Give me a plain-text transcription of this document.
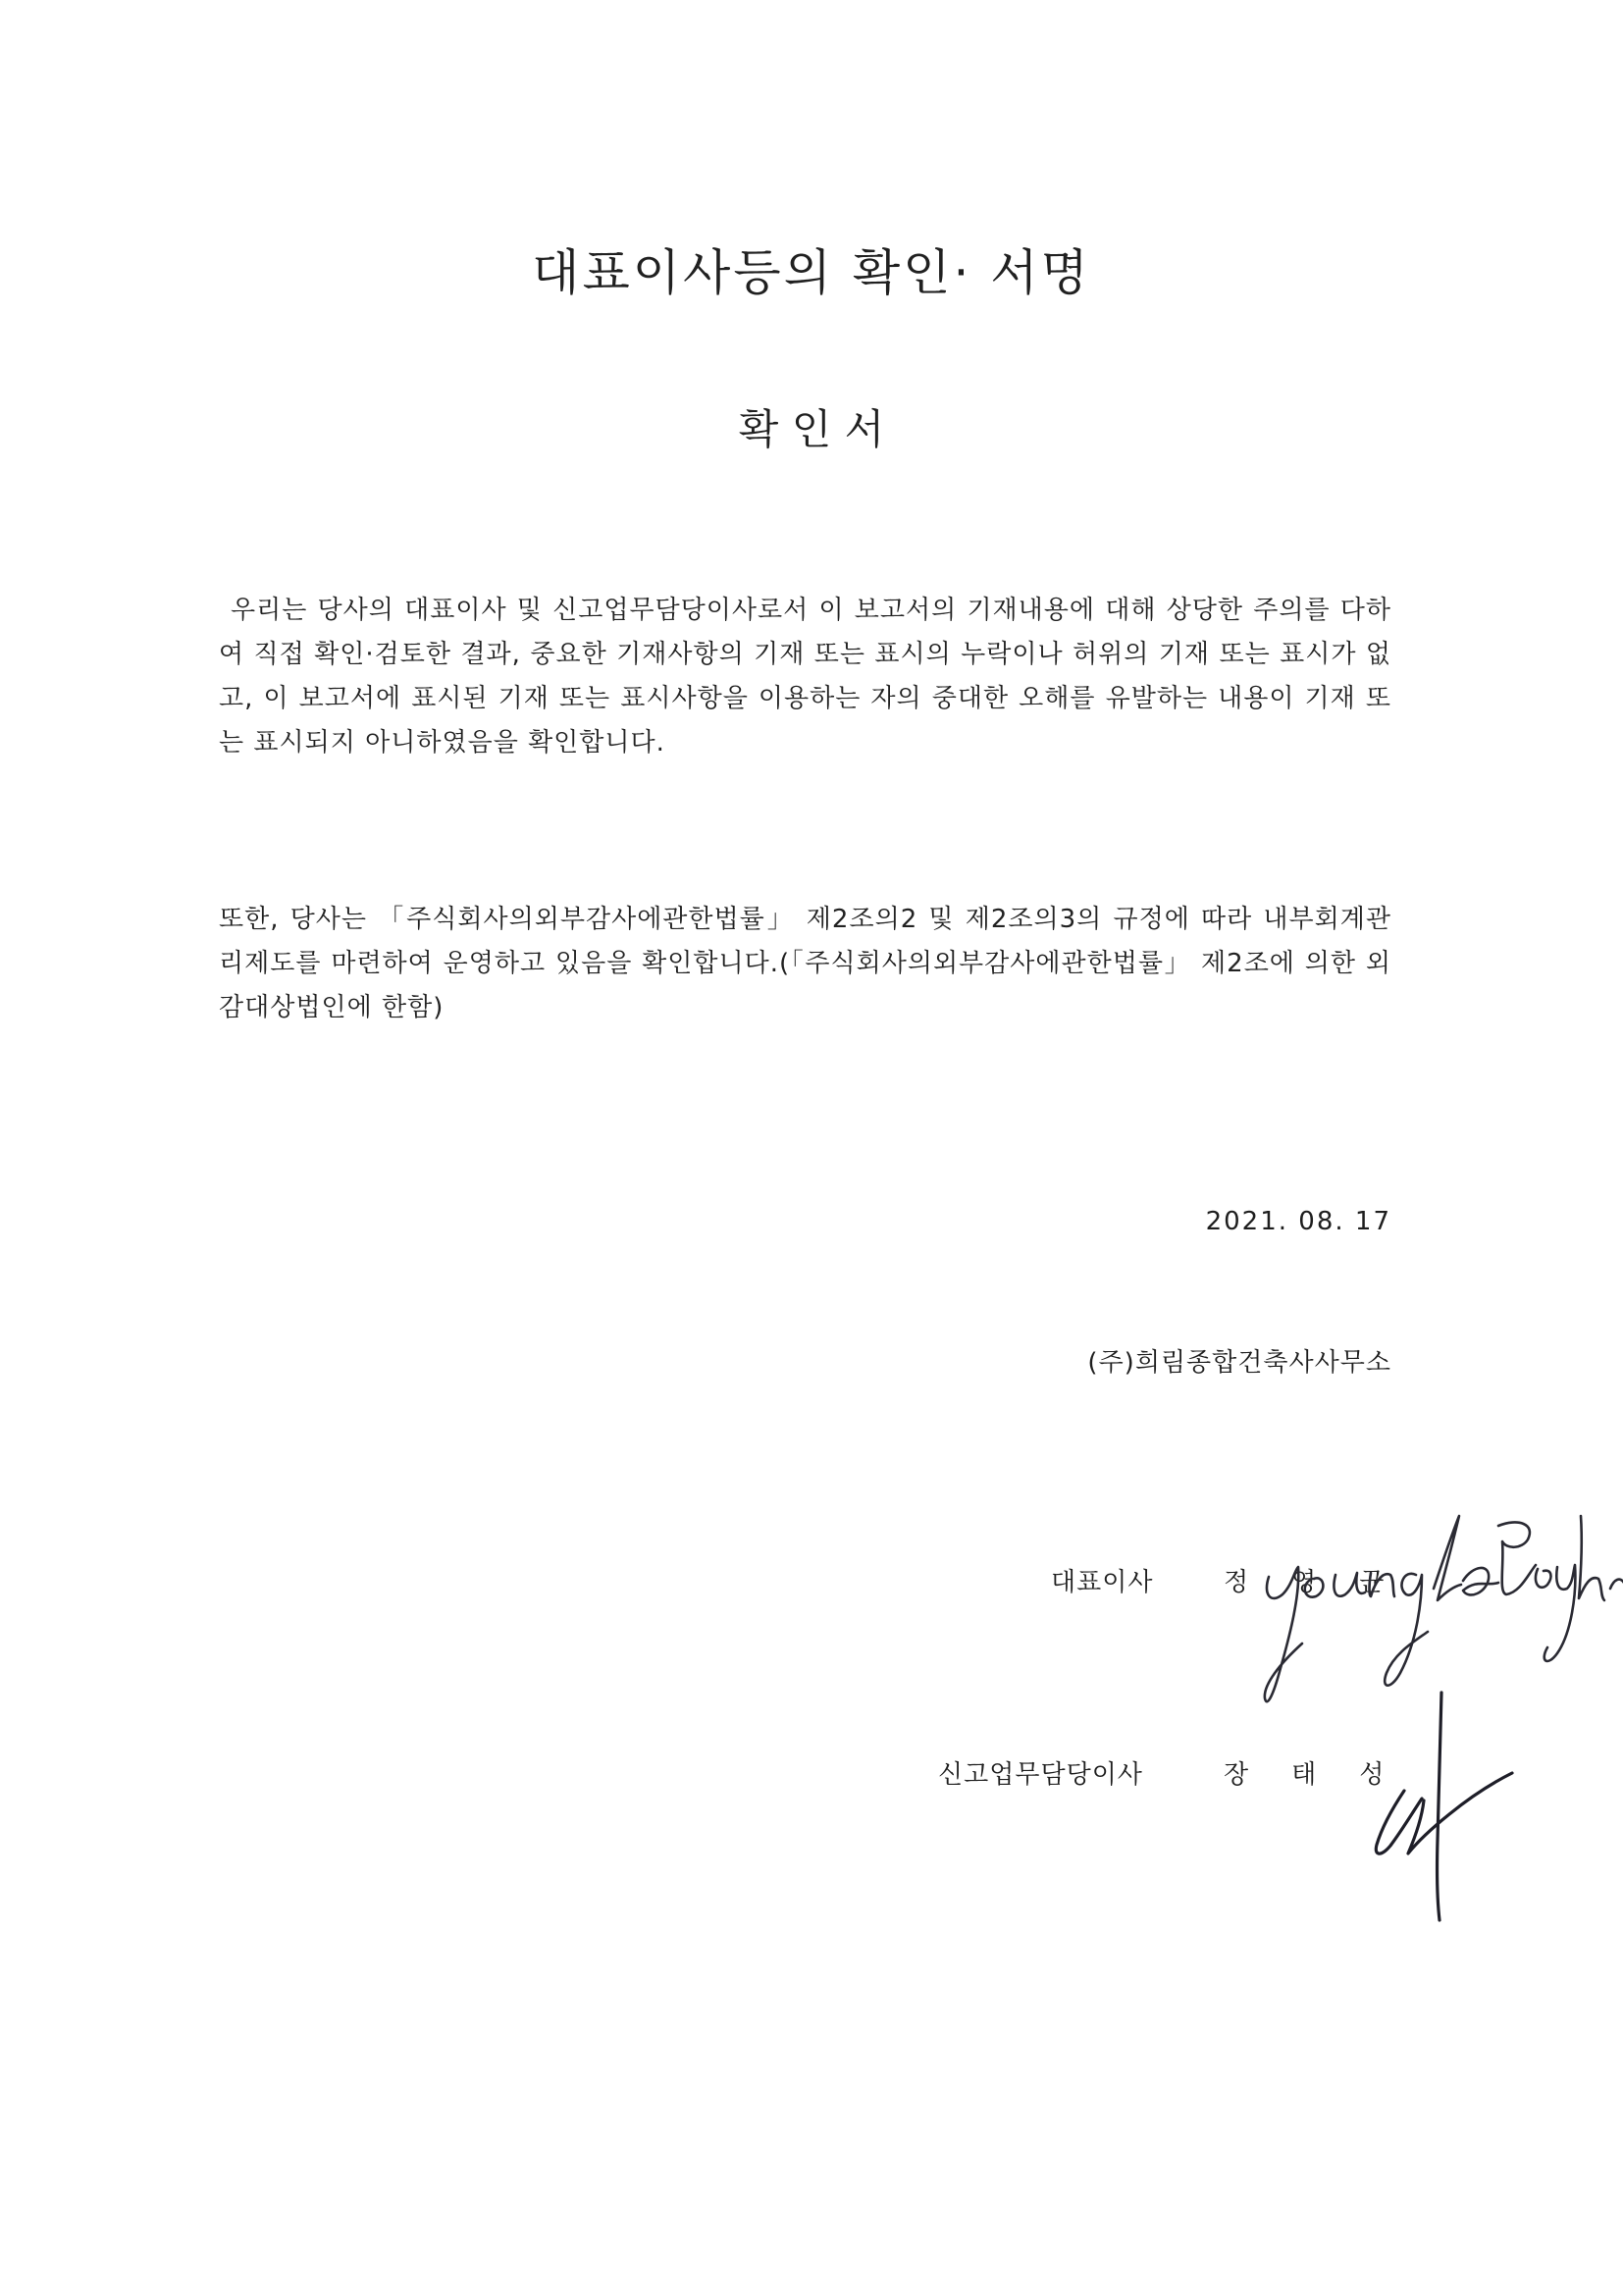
대표이사등의 확인· 서명
확 인 서
우리는 당사의 대표이사 및 신고업무담당이사로서 이 보고서의 기재내용에 대해 상당한 주의를 다하여 직접 확인·검토한 결과, 중요한 기재사항의 기재 또는 표시의 누락이나 허위의 기재 또는 표시가 없고, 이 보고서에 표시된 기재 또는 표시사항을 이용하는 자의 중대한 오해를 유발하는 내용이 기재 또는 표시되지 아니하였음을 확인합니다.
또한, 당사는 「주식회사의외부감사에관한법률」 제2조의2 및 제2조의3의 규정에 따라 내부회계관리제도를 마련하여 운영하고 있음을 확인합니다.(「주식회사의외부감사에관한법률」 제2조에 의한 외감대상법인에 한함)
2021. 08. 17
(주)희림종합건축사사무소
대표이사	정영균
신고업무담당이사	장태성
